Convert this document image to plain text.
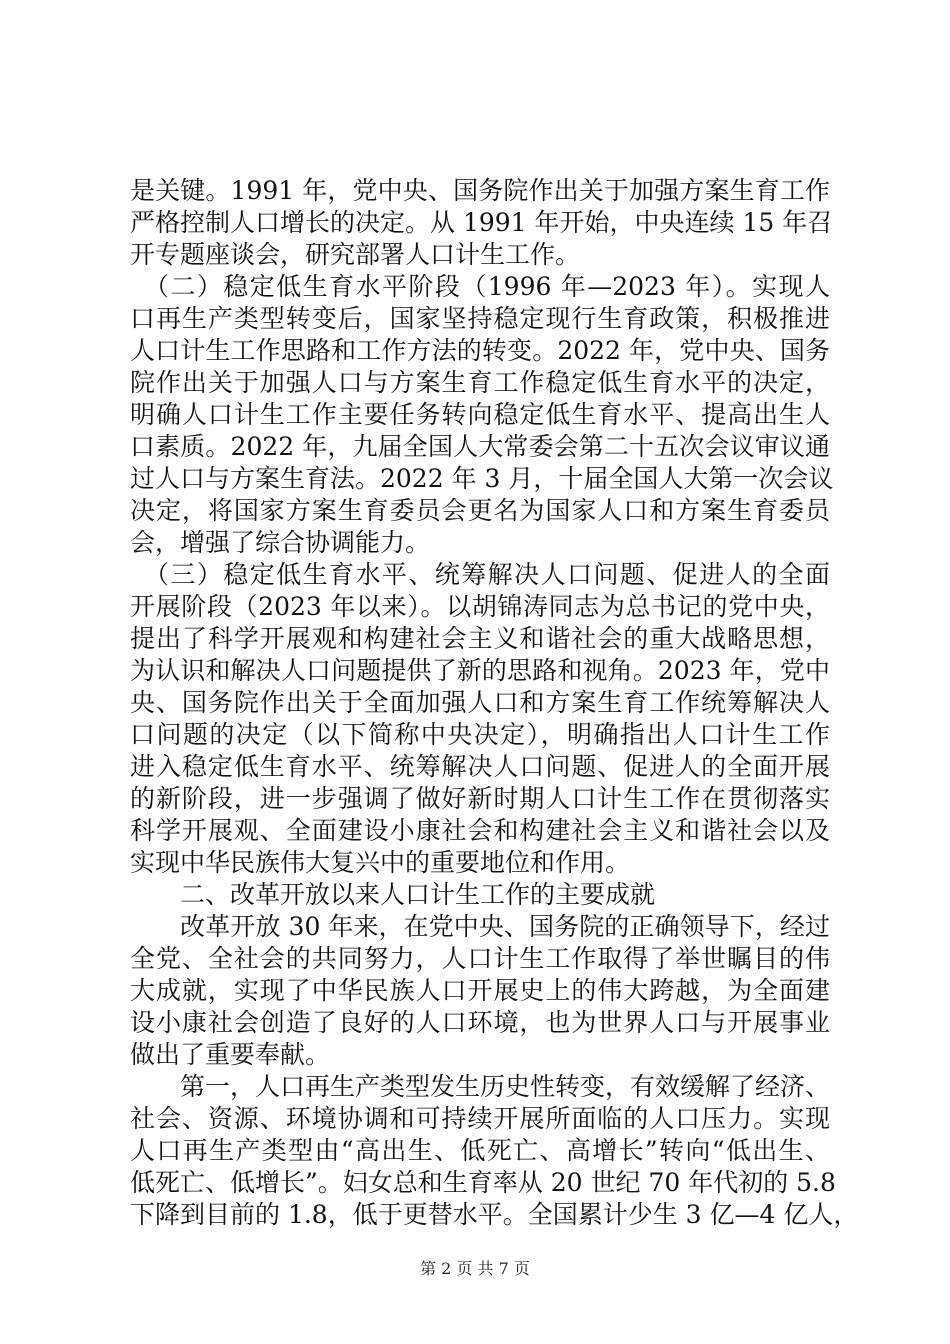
是关键。1991 年，党中央、国务院作出关于加强方案生育工作
严格控制人口增长的决定。从 1991 年开始，中央连续 15 年召
开专题座谈会，研究部署人口计生工作。
　（二）稳定低生育水平阶段（1996 年—2023 年）。实现人
口再生产类型转变后，国家坚持稳定现行生育政策，积极推进
人口计生工作思路和工作方法的转变。2022 年，党中央、国务
院作出关于加强人口与方案生育工作稳定低生育水平的决定，
明确人口计生工作主要任务转向稳定低生育水平、提高出生人
口素质。2022 年，九届全国人大常委会第二十五次会议审议通
过人口与方案生育法。2022 年 3 月，十届全国人大第一次会议
决定，将国家方案生育委员会更名为国家人口和方案生育委员
会，增强了综合协调能力。
　（三）稳定低生育水平、统筹解决人口问题、促进人的全面
开展阶段（2023 年以来）。以胡锦涛同志为总书记的党中央，
提出了科学开展观和构建社会主义和谐社会的重大战略思想，
为认识和解决人口问题提供了新的思路和视角。2023 年，党中
央、国务院作出关于全面加强人口和方案生育工作统筹解决人
口问题的决定（以下简称中央决定），明确指出人口计生工作
进入稳定低生育水平、统筹解决人口问题、促进人的全面开展
的新阶段，进一步强调了做好新时期人口计生工作在贯彻落实
科学开展观、全面建设小康社会和构建社会主义和谐社会以及
实现中华民族伟大复兴中的重要地位和作用。
　　二、改革开放以来人口计生工作的主要成就
　　改革开放 30 年来，在党中央、国务院的正确领导下，经过
全党、全社会的共同努力，人口计生工作取得了举世瞩目的伟
大成就，实现了中华民族人口开展史上的伟大跨越，为全面建
设小康社会创造了良好的人口环境，也为世界人口与开展事业
做出了重要奉献。
　　第一，人口再生产类型发生历史性转变，有效缓解了经济、
社会、资源、环境协调和可持续开展所面临的人口压力。实现
人口再生产类型由“高出生、低死亡、高增长”转向“低出生、
低死亡、低增长”。妇女总和生育率从 20 世纪 70 年代初的 5.8
下降到目前的 1.8，低于更替水平。全国累计少生 3 亿—4 亿人，
第 2 页 共 7 页
